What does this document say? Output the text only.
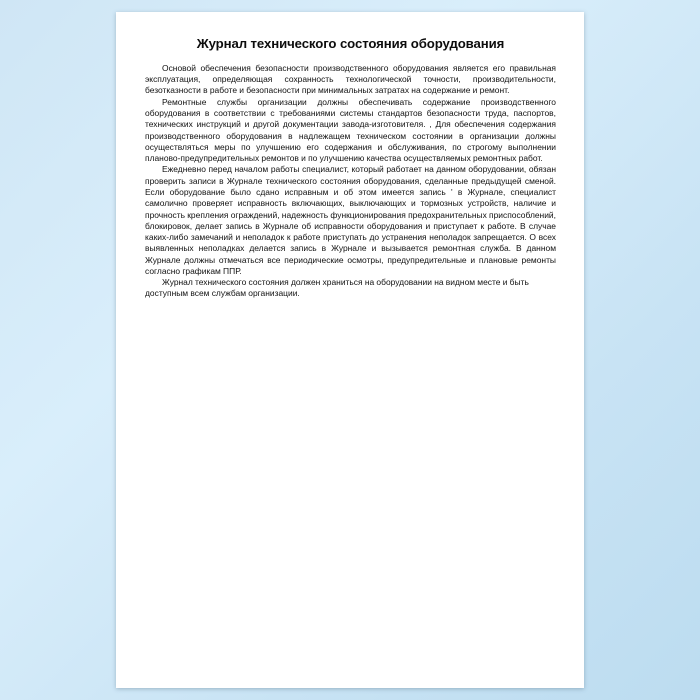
Журнал технического состояния оборудования

Основой обеспечения безопасности производственного оборудования является его правильная эксплуатация, определяющая сохранность технологической точности, производительности, безотказности в работе и безопасности при минимальных затратах на содержание и ремонт.

Ремонтные службы организации должны обеспечивать содержание производственного оборудования в соответствии с требованиями системы стандартов безопасности труда, паспортов, технических инструкций и другой документации завода-изготовителя. , Для обеспечения содержания производственного оборудования в надлежащем техническом состоянии в организации должны осуществляться меры по улучшению его содержания и обслуживания, по строгому выполнении планово-предупредительных ремонтов и по улучшению качества осуществляемых ремонтных работ.

Ежедневно перед началом работы специалист, который работает на данном оборудовании, обязан проверить записи в Журнале технического состояния оборудования, сделанные предыдущей сменой. Если оборудование было сдано исправным и об этом имеется запись ' в Журнале, специалист самолично проверяет исправность включающих, выключающих и тормозных устройств, наличие и прочность крепления ограждений, надежность функционирования предохранительных приспособлений, блокировок, делает запись в Журнале об исправности оборудования и приступает к работе. В случае каких-либо замечаний и неполадок к работе приступать до устранения неполадок запрещается. О всех выявленных неполадках делается запись в Журнале и вызывается ремонтная служба. В данном Журнале должны отмечаться все периодические осмотры, предупредительные и плановые ремонты согласно графикам ППР.

Журнал технического состояния должен храниться на оборудовании на видном месте и быть доступным всем службам организации.
